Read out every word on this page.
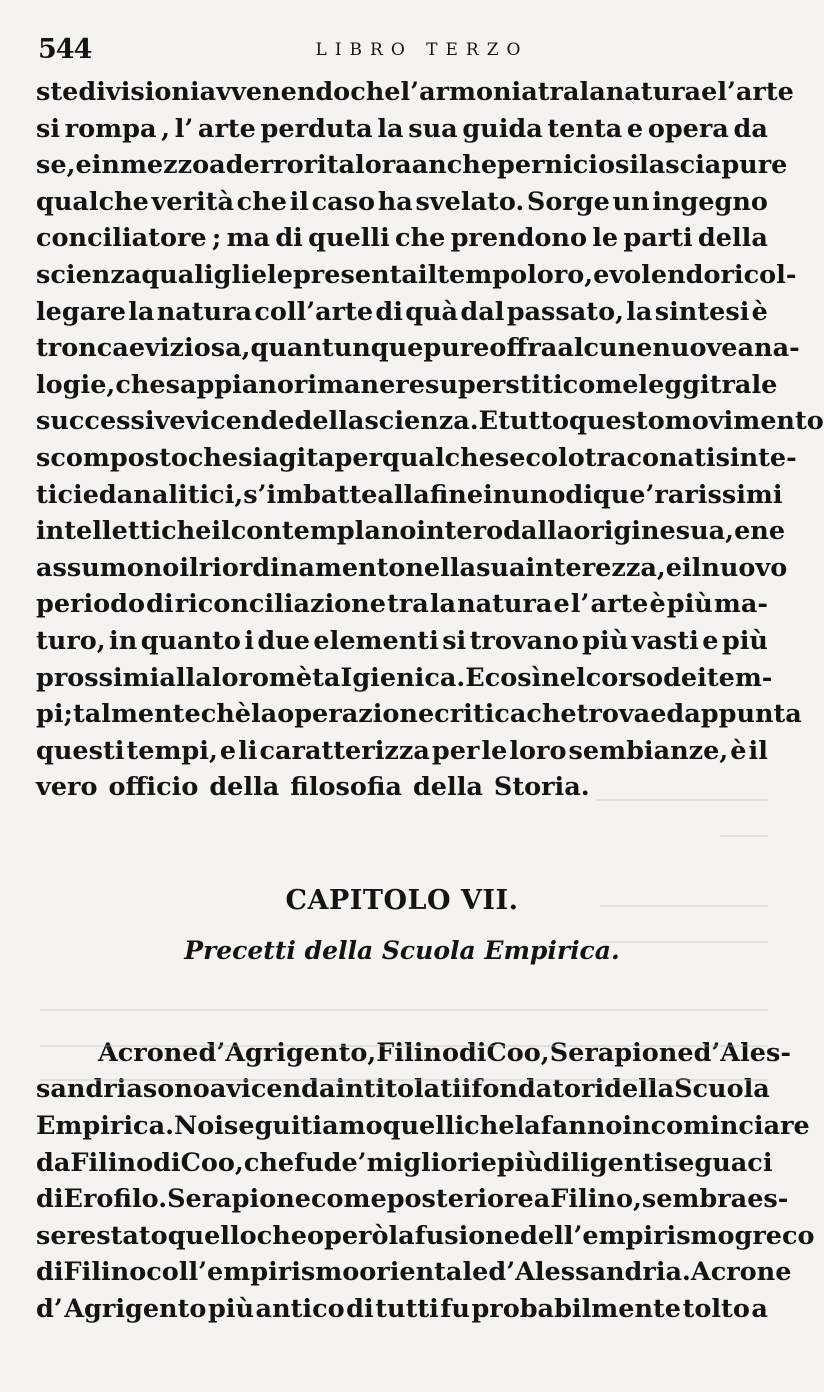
544	LIBRO TERZO
ste divisioni avvenendo che l’armonia tra la natura e l’arte
si rompa , l’ arte perduta la sua guida tenta e opera da
se, e in mezzo ad errori talora anche perniciosi lascia pure
qualche verità che il caso ha svelato. Sorge un ingegno
conciliatore ; ma di quelli che prendono le parti della
scienza quali gliele presenta il tempo loro, e volendo ricol-
legare la natura coll’arte di quà dal passato, la sintesi è
tronca e viziosa, quantunque pure offra alcune nuove ana-
logie, che sappiano rimanere superstiti come leggi tra le
successive vicende della scienza. E tutto questo movimento
scomposto che si agita per qualche secolo tra conati sinte-
tici ed analitici, s’ imbatte alla fine in uno di que’ rarissimi
intelletti che il contemplano intero dalla origine sua, e ne
assumono il riordinamento nella sua interezza, e il nuovo
periodo di riconciliazione tra la natura e l’ arte è più ma-
turo, in quanto i due elementi si trovano più vasti e più
prossimi alla loro mèta Igienica. E così nel corso dei tem-
pi ; talmentechè la operazione critica che trova ed appunta
questi tempi, e li caratterizza per le loro sembianze, è il
vero officio della filosofia della Storia.
CAPITOLO VII.
Precetti della Scuola Empirica.
Acrone d’Agrigento, Filino di Coo, Serapione d’Ales-
sandria sono a vicenda intitolati i fondatori della Scuola
Empirica. Noi seguitiamo quelli che la fanno incominciare
da Filino di Coo, che fu de’ migliori e più diligenti seguaci
di Erofilo. Serapione come posteriore a Filino, sembra es-
sere stato quello che operò la fusione dell’empirismo greco
di Filino coll’ empirismo orientale d’ Alessandria. Acrone
d’ Agrigento più antico di tutti fu probabilmente tolto a
